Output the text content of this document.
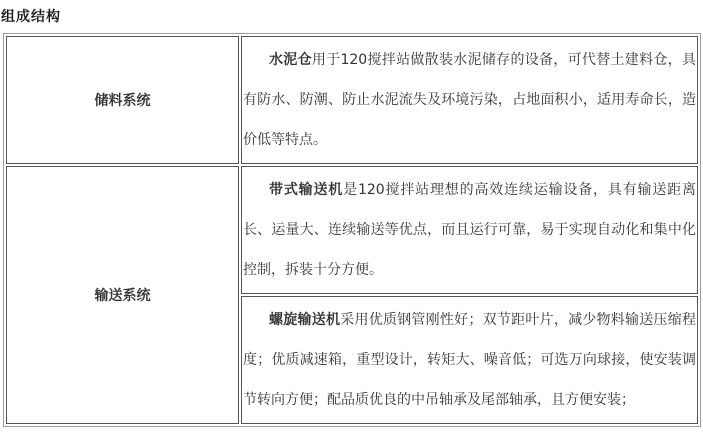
组成结构
储料系统	水泥仓用于120搅拌站做散装水泥储存的设备，可代替土建料仓，具有防水、防潮、防止水泥流失及环境污染，占地面积小，适用寿命长，造价低等特点。

输送系统	带式输送机是120搅拌站理想的高效连续运输设备，具有输送距离长、运量大、连续输送等优点，而且运行可靠，易于实现自动化和集中化控制，拆装十分方便。

	螺旋输送机采用优质钢管刚性好；双节距叶片，减少物料输送压缩程度；优质减速箱，重型设计，转矩大、噪音低；可选万向球接，使安装调节转向方便；配品质优良的中吊轴承及尾部轴承，且方便安装；
